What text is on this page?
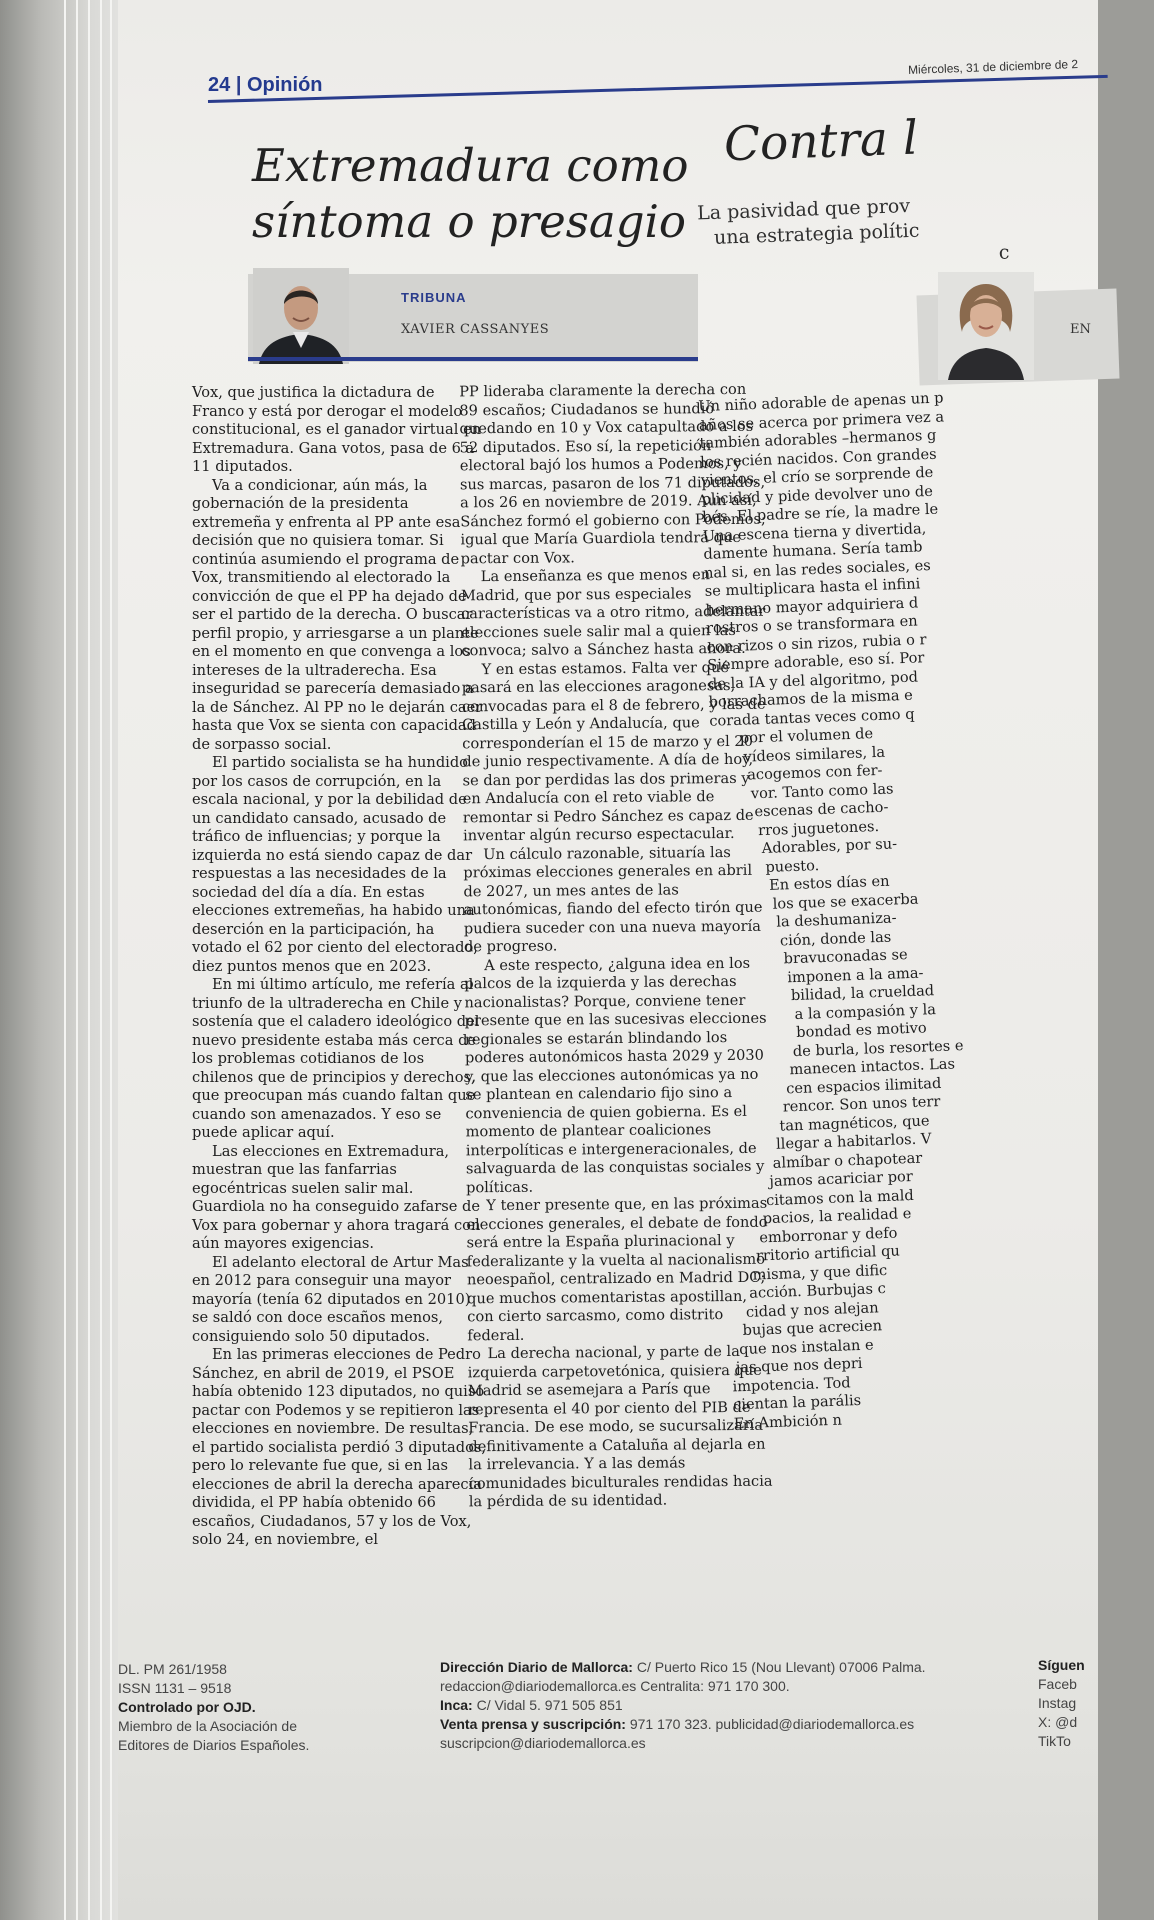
24 | Opinión
Miércoles, 31 de diciembre de 2
Extremadura como
síntoma o presagio
TRIBUNA
XAVIER CASSANYES

Vox, que justifica la dictadura de Franco y está por derogar el modelo constitucional, es el ganador virtual en Extremadura. Gana votos, pasa de 6 a 11 diputados.

Va a condicionar, aún más, la gobernación de la presidenta extremeña y enfrenta al PP ante esa decisión que no quisiera tomar. Si continúa asumiendo el programa de Vox, transmitiendo al electorado la convicción de que el PP ha dejado de ser el partido de la derecha. O buscar perfil propio, y arriesgarse a un plante en el momento en que convenga a los intereses de la ultraderecha. Esa inseguridad se parecería demasiado a la de Sánchez. Al PP no le dejarán caer hasta que Vox se sienta con capacidad de sorpasso social.

El partido socialista se ha hundido por los casos de corrupción, en la escala nacional, y por la debilidad de un candidato cansado, acusado de tráfico de influencias; y porque la izquierda no está siendo capaz de dar respuestas a las necesidades de la sociedad del día a día. En estas elecciones extremeñas, ha habido una deserción en la participación, ha votado el 62 por ciento del electorado, diez puntos menos que en 2023.

En mi último artículo, me refería al triunfo de la ultraderecha en Chile y sostenía que el caladero ideológico del nuevo presidente estaba más cerca de los problemas cotidianos de los chilenos que de principios y derechos, que preocupan más cuando faltan que cuando son amenazados. Y eso se puede aplicar aquí.

Las elecciones en Extremadura, muestran que las fanfarrias egocéntricas suelen salir mal. Guardiola no ha conseguido zafarse de Vox para gobernar y ahora tragará con aún mayores exigencias.

El adelanto electoral de Artur Mas en 2012 para conseguir una mayor mayoría (tenía 62 diputados en 2010) se saldó con doce escaños menos, consiguiendo solo 50 diputados.

En las primeras elecciones de Pedro Sánchez, en abril de 2019, el PSOE había obtenido 123 diputados, no quiso pactar con Podemos y se repitieron las elecciones en noviembre. De resultas, el partido socialista perdió 3 diputados, pero lo relevante fue que, si en las elecciones de abril la derecha aparecía dividida, el PP había obtenido 66 escaños, Ciudadanos, 57 y los de Vox, solo 24, en noviembre, el

PP lideraba claramente la derecha con 89 escaños; Ciudadanos se hundió quedando en 10 y Vox catapultado a los 52 diputados. Eso sí, la repetición electoral bajó los humos a Podemos, y sus marcas, pasaron de los 71 diputados, a los 26 en noviembre de 2019. Aun así, Sánchez formó el gobierno con Podemos; igual que María Guardiola tendrá que pactar con Vox.

La enseñanza es que menos en Madrid, que por sus especiales características va a otro ritmo, adelantar elecciones suele salir mal a quien las convoca; salvo a Sánchez hasta ahora.

Y en estas estamos. Falta ver qué pasará en las elecciones aragonesas, convocadas para el 8 de febrero, y las de Castilla y León y Andalucía, que corresponderían el 15 de marzo y el 20 de junio respectivamente. A día de hoy, se dan por perdidas las dos primeras y en Andalucía con el reto viable de remontar si Pedro Sánchez es capaz de inventar algún recurso espectacular.

Un cálculo razonable, situaría las próximas elecciones generales en abril de 2027, un mes antes de las autonómicas, fiando del efecto tirón que pudiera suceder con una nueva mayoría de progreso.

A este respecto, ¿alguna idea en los palcos de la izquierda y las derechas nacionalistas? Porque, conviene tener presente que en las sucesivas elecciones regionales se estarán blindando los poderes autonómicos hasta 2029 y 2030 y, que las elecciones autonómicas ya no se plantean en calendario fijo sino a conveniencia de quien gobierna. Es el momento de plantear coaliciones interpolíticas e intergeneracionales, de salvaguarda de las conquistas sociales y políticas.

Y tener presente que, en las próximas elecciones generales, el debate de fondo será entre la España plurinacional y federalizante y la vuelta al nacionalismo neoespañol, centralizado en Madrid DC; que muchos comentaristas apostillan, con cierto sarcasmo, como distrito federal.

La derecha nacional, y parte de la izquierda carpetovetónica, quisiera que Madrid se asemejara a París que representa el 40 por ciento del PIB de Francia. De ese modo, se sucursalizaría definitivamente a Cataluña al dejarla en la irrelevancia. Y a las demás comunidades biculturales rendidas hacia la pérdida de su identidad.

Contra l
La pasividad que prov
una estrategia polític
c
EN
Un niño adorable de apenas un p
años se acerca por primera vez a
también adorables –hermanos g
los recién nacidos. Con grandes
vientos, el crío se sorprende de
plicidad y pide devolver uno de
bés. El padre se ríe, la madre le
Una escena tierna y divertida,
damente humana. Sería tamb
nal si, en las redes sociales, es
se multiplicara hasta el infini
hermano mayor adquiriera d
rostros o se transformara en
con rizos o sin rizos, rubia o r
Siempre adorable, eso sí. Por
de la IA y del algoritmo, pod
borrachamos de la misma e
corada tantas veces como q
por el volumen de
vídeos similares, la
acogemos con fer-
vor. Tanto como las
escenas de cacho-
rros juguetones.
Adorables, por su-
puesto.
En estos días en
los que se exacerba
la deshumaniza-
ción, donde las
bravuconadas se
imponen a la ama-
bilidad, la crueldad
a la compasión y la
bondad es motivo
de burla, los resortes e
manecen intactos. Las
cen espacios ilimitad
rencor. Son unos terr
tan magnéticos, que
llegar a habitarlos. V
almíbar o chapotear
jamos acariciar por
citamos con la mald
pacios, la realidad e
emborronar y defo
rritorio artificial qu
misma, y que dific
acción. Burbujas c
cidad y nos alejan
bujas que acrecien
que nos instalan e
jas que nos depri
impotencia. Tod
cientan la parális
En Ambición n
DL. PM 261/1958
ISSN 1131 – 9518
Controlado por OJD.
Miembro de la Asociación de Editores de Diarios Españoles.
Dirección Diario de Mallorca: C/ Puerto Rico 15 (Nou Llevant) 07006 Palma.
redaccion@diariodemallorca.es Centralita: 971 170 300.
Inca: C/ Vidal 5. 971 505 851
Venta prensa y suscripción: 971 170 323. publicidad@diariodemallorca.es
suscripcion@diariodemallorca.es
Síguen
Faceb
Instag
X: @d
TikTo
